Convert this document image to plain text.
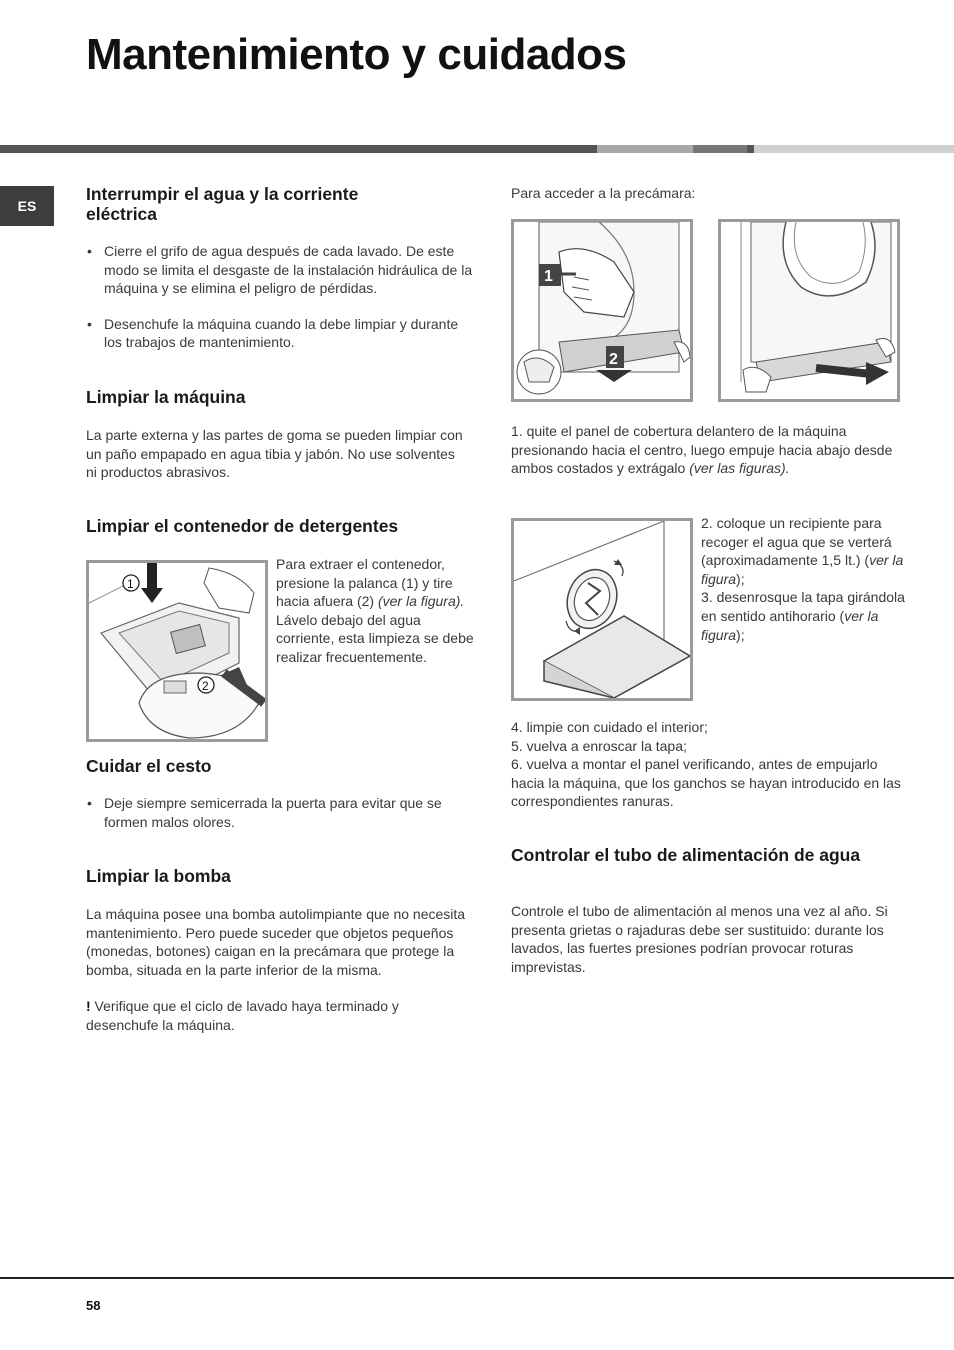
Mantenimiento y cuidados
ES
Interrumpir el agua y la corriente eléctrica
• Cierre el grifo de agua después de cada lavado. De este modo se limita el desgaste de la instalación hidráulica de la máquina y se elimina el peligro de pérdidas.
• Desenchufe la máquina cuando la debe limpiar y durante los trabajos de mantenimiento.
Limpiar la máquina

La parte externa y las partes de goma se pueden limpiar con un paño empapado en agua tibia y jabón. No use solventes ni productos abrasivos.

Limpiar el contenedor de detergentes

Para extraer el contenedor, presione la palanca (1) y tire hacia afuera (2) (ver la figura). Lávelo debajo del agua corriente, esta limpieza se debe realizar frecuentemente.

Cuidar el cesto
• Deje siempre semicerrada la puerta para evitar que se formen malos olores.
Limpiar la bomba

La máquina posee una bomba autolimpiante que no necesita mantenimiento. Pero puede suceder que objetos pequeños (monedas, botones) caigan en la precámara que protege la bomba, situada en la parte inferior de la misma.

! Verifique que el ciclo de lavado haya terminado y desenchufe la máquina.

1
2

Para acceder a la precámara:

1. quite el panel de cobertura delantero de la máquina presionando hacia el centro, luego empuje hacia abajo desde ambos costados y extrágalo (ver las figuras).

2. coloque un recipiente para recoger el agua que se verterá (aproximadamente 1,5 lt.) (ver la figura);

3. desenrosque la tapa girándola en sentido antihorario (ver la figura);

4. limpie con cuidado el interior;

5. vuelva a enroscar la tapa;

6. vuelva a montar el panel verificando, antes de empujarlo hacia la máquina, que los ganchos se hayan introducido en las correspondientes ranuras.

Controlar el tubo de alimentación de agua

Controle el tubo de alimentación al menos una vez al año. Si presenta grietas o rajaduras debe ser sustituido: durante los lavados, las fuertes presiones podrían provocar roturas imprevistas.

1
2
58
